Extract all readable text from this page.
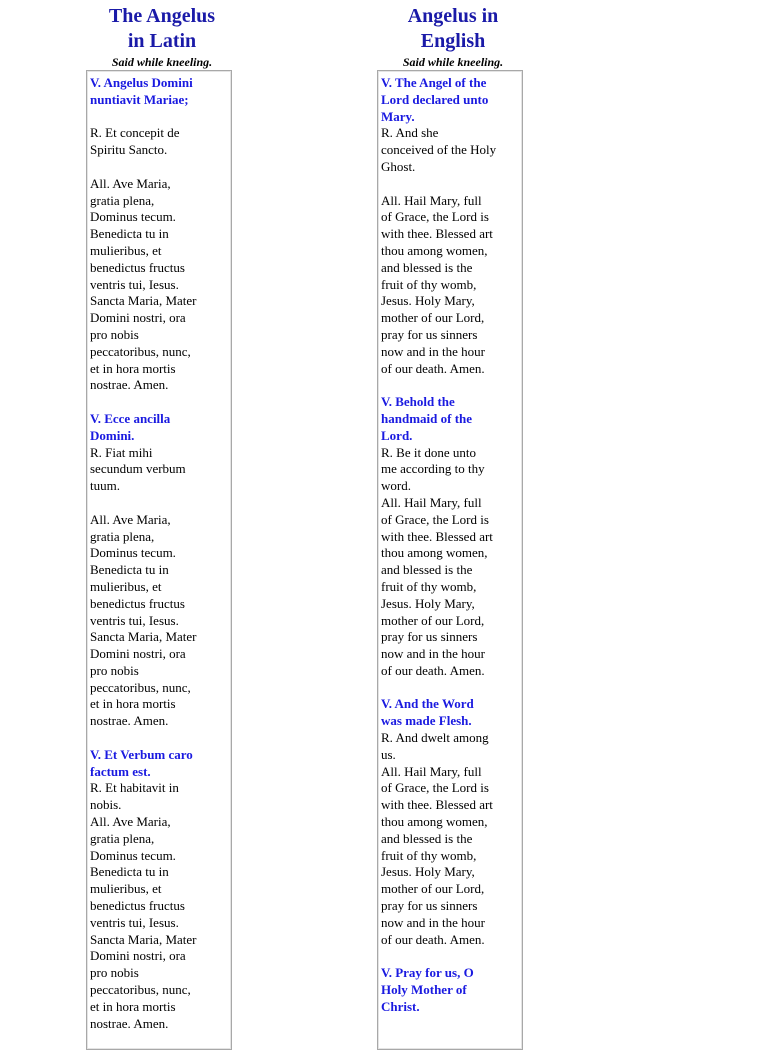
The Angelus
in Latin
Said while kneeling.
V. Angelus Domini
nuntiavit Mariae;
R. Et concepit de
Spiritu Sancto.
All. Ave Maria,
gratia plena,
Dominus tecum.
Benedicta tu in
mulieribus, et
benedictus fructus
ventris tui, Iesus.
Sancta Maria, Mater
Domini nostri, ora
pro nobis
peccatoribus, nunc,
et in hora mortis
nostrae. Amen.
V. Ecce ancilla
Domini.
R. Fiat mihi
secundum verbum
tuum.
All. Ave Maria,
gratia plena,
Dominus tecum.
Benedicta tu in
mulieribus, et
benedictus fructus
ventris tui, Iesus.
Sancta Maria, Mater
Domini nostri, ora
pro nobis
peccatoribus, nunc,
et in hora mortis
nostrae. Amen.
V. Et Verbum caro
factum est.
R. Et habitavit in
nobis.
All. Ave Maria,
gratia plena,
Dominus tecum.
Benedicta tu in
mulieribus, et
benedictus fructus
ventris tui, Iesus.
Sancta Maria, Mater
Domini nostri, ora
pro nobis
peccatoribus, nunc,
et in hora mortis
nostrae. Amen.
Angelus in
English
Said while kneeling.
V. The Angel of the
Lord declared unto
Mary.
R. And she
conceived of the Holy
Ghost.
All. Hail Mary, full
of Grace, the Lord is
with thee. Blessed art
thou among women,
and blessed is the
fruit of thy womb,
Jesus. Holy Mary,
mother of our Lord,
pray for us sinners
now and in the hour
of our death. Amen.
V. Behold the
handmaid of the
Lord.
R. Be it done unto
me according to thy
word.
All. Hail Mary, full
of Grace, the Lord is
with thee. Blessed art
thou among women,
and blessed is the
fruit of thy womb,
Jesus. Holy Mary,
mother of our Lord,
pray for us sinners
now and in the hour
of our death. Amen.
V. And the Word
was made Flesh.
R. And dwelt among
us.
All. Hail Mary, full
of Grace, the Lord is
with thee. Blessed art
thou among women,
and blessed is the
fruit of thy womb,
Jesus. Holy Mary,
mother of our Lord,
pray for us sinners
now and in the hour
of our death. Amen.
V. Pray for us, O
Holy Mother of
Christ.
